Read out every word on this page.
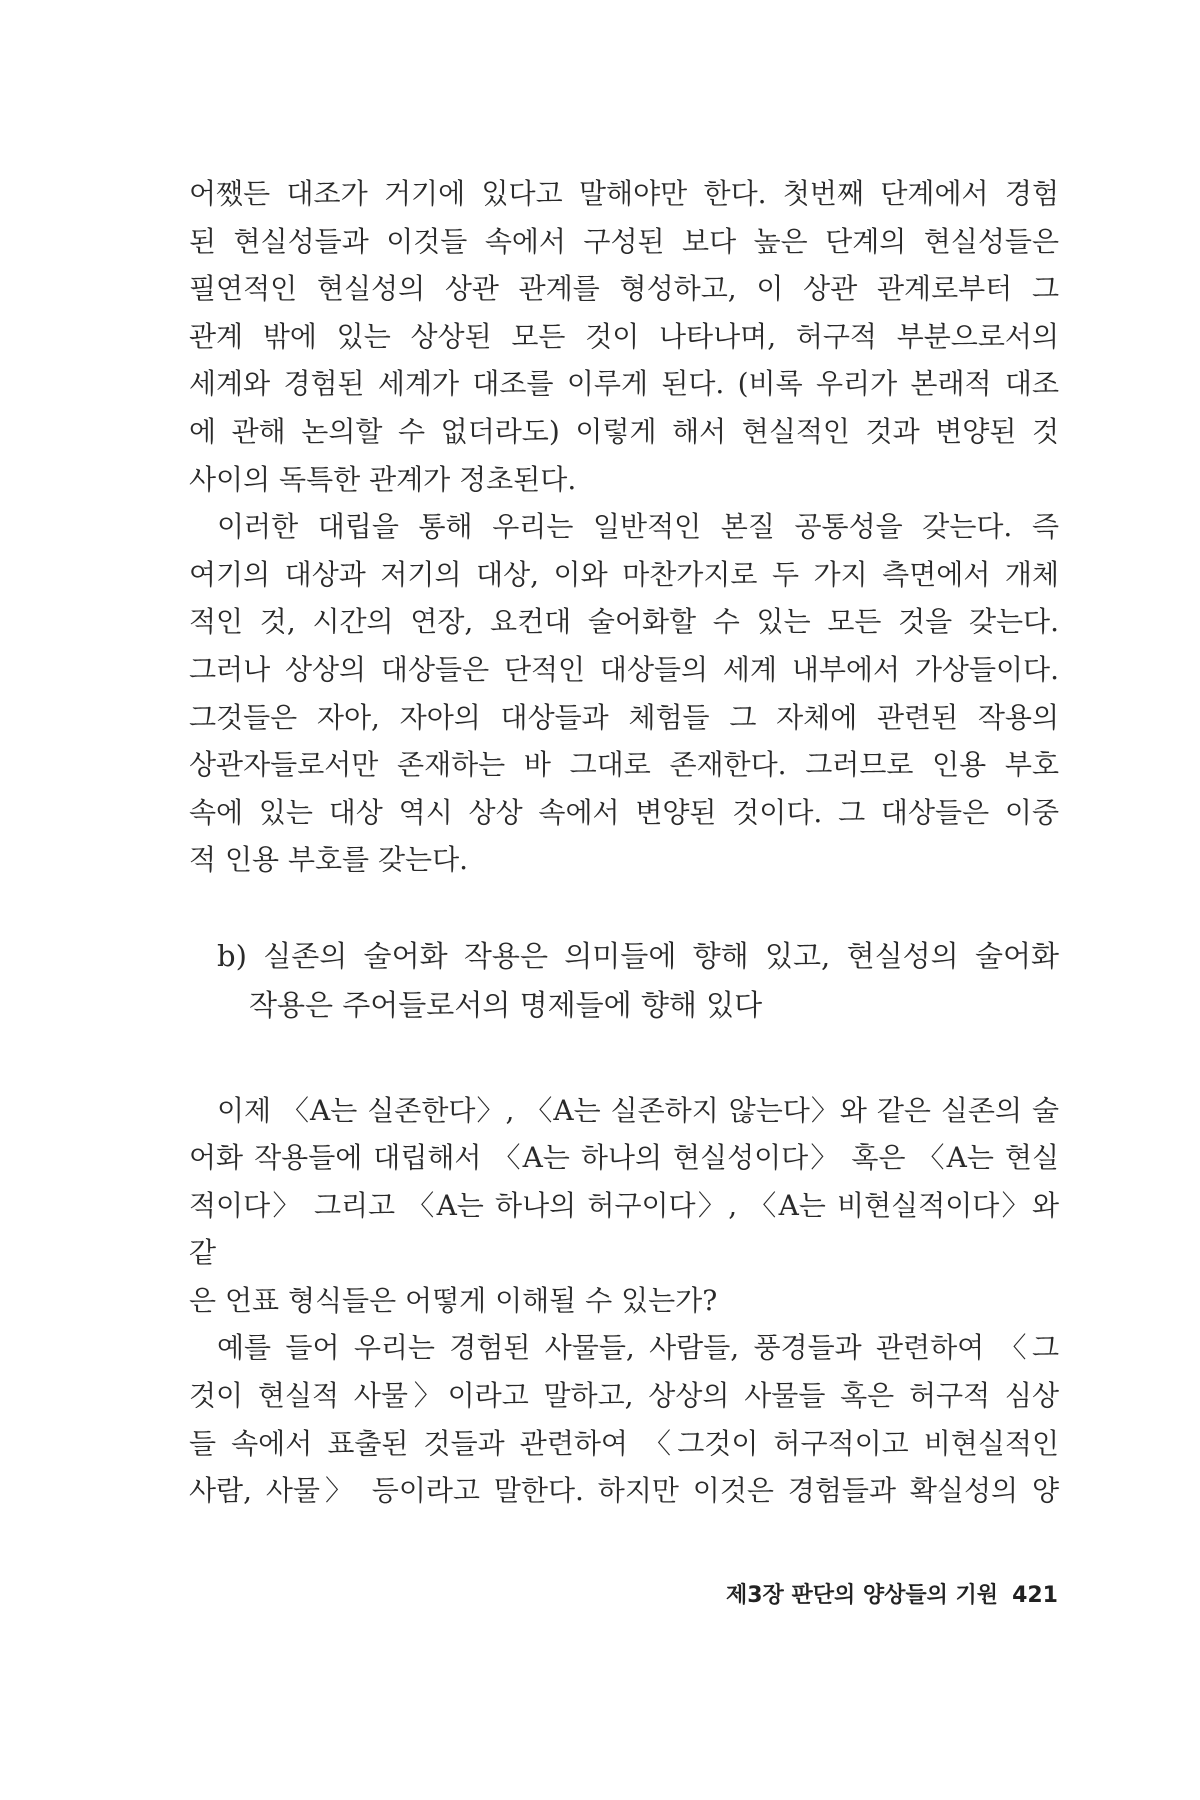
어쨌든 대조가 거기에 있다고 말해야만 한다. 첫번째 단계에서 경험
된 현실성들과 이것들 속에서 구성된 보다 높은 단계의 현실성들은
필연적인 현실성의 상관 관계를 형성하고, 이 상관 관계로부터 그
관계 밖에 있는 상상된 모든 것이 나타나며, 허구적 부분으로서의
세계와 경험된 세계가 대조를 이루게 된다. (비록 우리가 본래적 대조
에 관해 논의할 수 없더라도) 이렇게 해서 현실적인 것과 변양된 것
사이의 독특한 관계가 정초된다.
이러한 대립을 통해 우리는 일반적인 본질 공통성을 갖는다. 즉
여기의 대상과 저기의 대상, 이와 마찬가지로 두 가지 측면에서 개체
적인 것, 시간의 연장, 요컨대 술어화할 수 있는 모든 것을 갖는다.
그러나 상상의 대상들은 단적인 대상들의 세계 내부에서 가상들이다.
그것들은 자아, 자아의 대상들과 체험들 그 자체에 관련된 작용의
상관자들로서만 존재하는 바 그대로 존재한다. 그러므로 인용 부호
속에 있는 대상 역시 상상 속에서 변양된 것이다. 그 대상들은 이중
적 인용 부호를 갖는다.
b) 실존의 술어화 작용은 의미들에 향해 있고, 현실성의 술어화
작용은 주어들로서의 명제들에 향해 있다
이제 〈A는 실존한다〉, 〈A는 실존하지 않는다〉와 같은 실존의 술
어화 작용들에 대립해서 〈A는 하나의 현실성이다〉 혹은 〈A는 현실
적이다〉 그리고 〈A는 하나의 허구이다〉, 〈A는 비현실적이다〉와 같
은 언표 형식들은 어떻게 이해될 수 있는가?
예를 들어 우리는 경험된 사물들, 사람들, 풍경들과 관련하여 〈그
것이 현실적 사물〉이라고 말하고, 상상의 사물들 혹은 허구적 심상
들 속에서 표출된 것들과 관련하여 〈그것이 허구적이고 비현실적인
사람, 사물〉 등이라고 말한다. 하지만 이것은 경험들과 확실성의 양
제3장 판단의 양상들의 기원 421
